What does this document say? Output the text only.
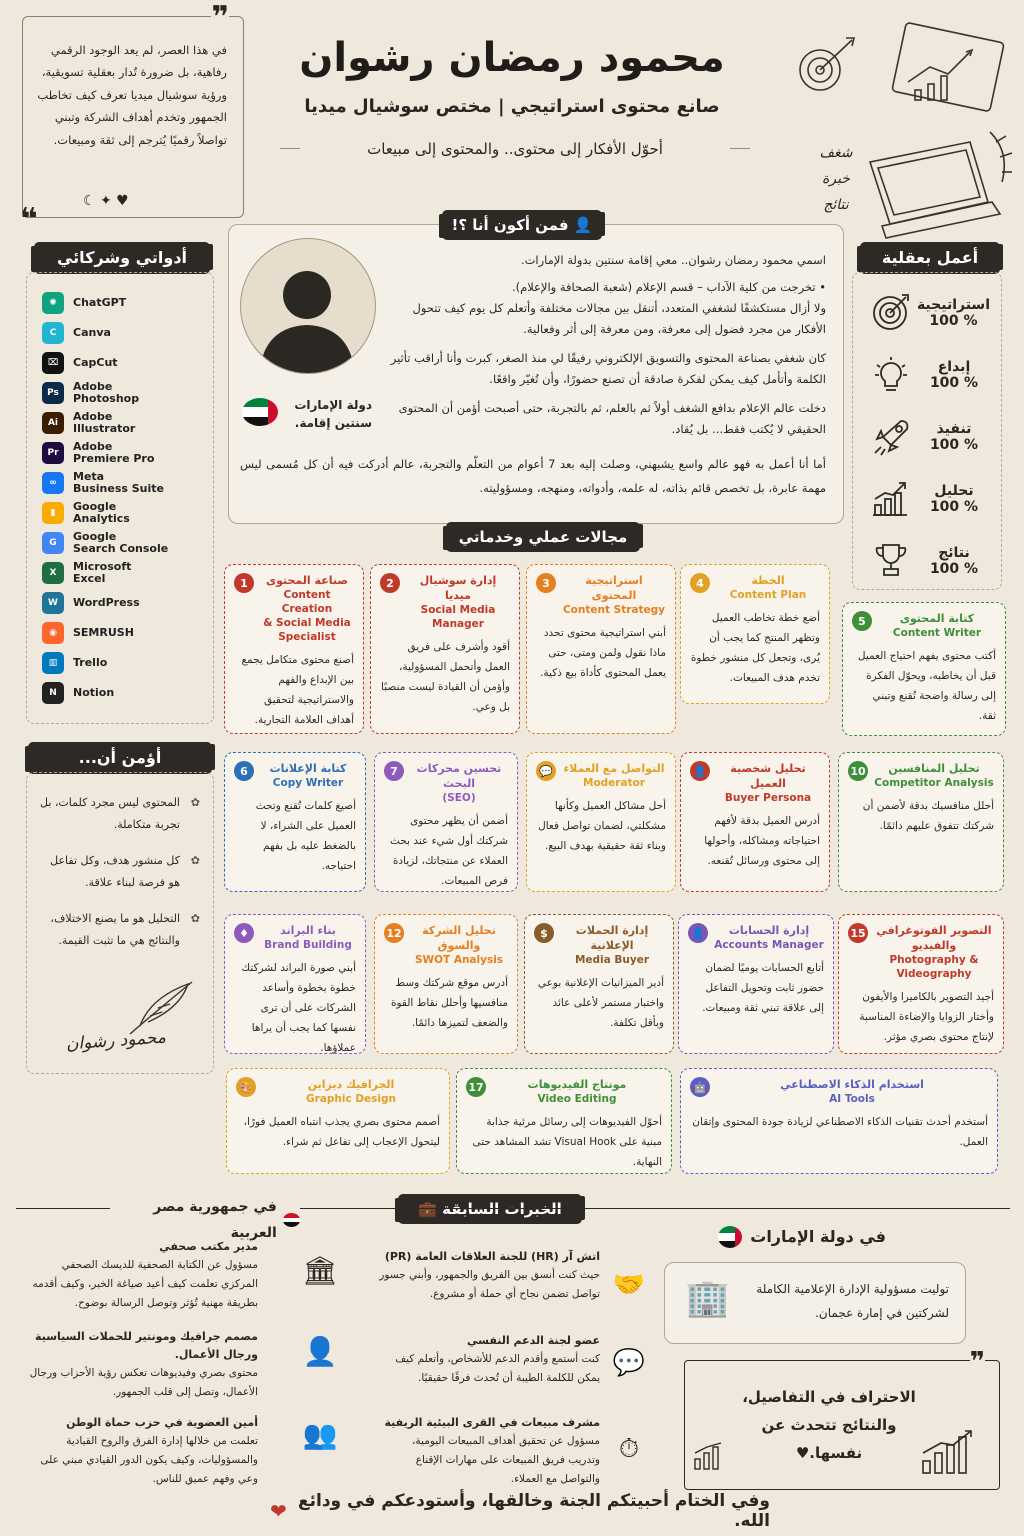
محمود رمضان رشوان
صانع محتوى استراتيجي | مختص سوشيال ميديا
أحوّل الأفكار إلى محتوى.. والمحتوى إلى مبيعات	شغف
خبرة
نتائج
❞
في هذا العصر، لم يعد الوجود الرقمي رفاهية، بل ضرورة تُدار بعقلية تسويقية، ورؤية سوشيال ميديا تعرف كيف تخاطب الجمهور وتخدم أهداف الشركة وتبني تواصلاً رقميًا يُترجم إلى ثقة ومبيعات.
♥ ✦ ☾
❝
أدواتي وشركائي
✺	ChatGPT
C	Canva
⌧	CapCut
Ps	Adobe
Photoshop
Ai	Adobe
Illustrator
Pr	Adobe
Premiere Pro
∞	Meta
Business Suite
▮	Google
Analytics
G	Google
Search Console
X	Microsoft
Excel
W	WordPress
◉	SEMRUSH
▥	Trello
N	Notion
أؤمن أن...
✿ المحتوى ليس مجرد كلمات، بل تجربة متكاملة.
✿ كل منشور هدف، وكل تفاعل هو فرصة لبناء علاقة.
✿ التحليل هو ما يصنع الاختلاف، والنتائج هي ما تثبت القيمة.
محمود رشوان
👤 فمن أكون أنا ؟!
دولة الإمارات
سنتين إقامة.
اسمي محمود رمضان رشوان.. معي إقامة سنتين بدولة الإمارات.
• تخرجت من كلية الآداب – قسم الإعلام (شعبة الصحافة والإعلام).
ولا أزال مستكشفًا لشغفي المتعدد، أتنقل بين مجالات مختلفة وأتعلم كل يوم كيف تتحول الأفكار من مجرد فضول إلى معرفة، ومن معرفة إلى أثر وفعالية.
كان شغفي بصناعة المحتوى والتسويق الإلكتروني رفيقًا لي منذ الصغر، كبرت وأنا أراقب تأثير الكلمة وأتأمل كيف يمكن لفكرة صادقة أن تصنع حضورًا، وأن تُغيّر واقعًا.
دخلت عالم الإعلام بدافع الشغف أولاً ثم بالعلم، ثم بالتجربة، حتى أصبحت أؤمن أن المحتوى الحقيقي لا يُكتب فقط... بل يُقاد.
أما أنا أعمل به فهو عالم واسع يشبهني، وصلت إليه بعد 7 أعوام من التعلّم والتجربة، عالم أدركت فيه أن كل مُسمى ليس مهمة عابرة، بل تخصص قائم بذاته، له علمه، وأدواته، ومنهجه، ومسؤوليته.
أعمل بعقلية
استراتيجية
100 %
إبداع
100 %
تنفيذ
100 %
تحليل
100 %
نتائج
100 %
مجالات عملي وخدماتي
صناعة المحتوى
Content Creation
& Social Media Specialist
1
أصنع محتوى متكامل يجمع بين الإبداع والفهم والاستراتيجية لتحقيق أهداف العلامة التجارية.
إدارة سوشيال ميديا
Social Media Manager
2
أقود وأشرف على فريق العمل وأتحمل المسؤولية، وأؤمن أن القيادة ليست منصبًا بل وعي.
استراتيجية المحتوى
Content Strategy
3
أبني استراتيجية محتوى تحدد ماذا نقول ولمن ومتى، حتى يعمل المحتوى كأداة بيع ذكية.
الخطة
Content Plan
4
أضع خطة تخاطب العميل وتظهر المنتج كما يجب أن يُرى، وتجعل كل منشور خطوة تخدم هدف المبيعات.
كتابة المحتوى
Content Writer
5
أكتب محتوى يفهم احتياج العميل قبل أن يخاطبه، ويحوّل الفكرة إلى رسالة واضحة تُقنع وتبني ثقة.
كتابة الإعلانات
Copy Writer
6
أصيغ كلمات تُقنع وتحث العميل على الشراء، لا بالضغط عليه بل بفهم احتياجه.
تحسين محركات البحث
(SEO)
7
أضمن أن يظهر محتوى شركتك أول شيء عند بحث العملاء عن منتجاتك، لزيادة فرص المبيعات.
التواصل مع العملاء
Moderator
💬
أحل مشاكل العميل وكأنها مشكلتي، لضمان تواصل فعال وبناء ثقة حقيقية بهدف البيع.
تحليل شخصية العميل
Buyer Persona
👤
أدرس العميل بدقة لأفهم احتياجاته ومشاكله، وأحولها إلى محتوى ورسائل تُقنعه.
تحليل المنافسين
Competitor Analysis
10
أحلل منافسيك بدقة لأضمن أن شركتك تتفوق عليهم دائمًا.
بناء البراند
Brand Building
♦
أبني صورة البراند لشركتك خطوة بخطوة وأساعد الشركات على أن ترى نفسها كما يجب أن يراها عملاؤها.
تحليل الشركة والسوق
SWOT Analysis
12
أدرس موقع شركتك وسط منافسيها وأحلل نقاط القوة والضعف لتميزها دائمًا.
إدارة الحملات الإعلانية
Media Buyer
$
أدير الميزانيات الإعلانية بوعي واختبار مستمر لأعلى عائد وبأقل تكلفة.
إدارة الحسابات
Accounts Manager
👤
أتابع الحسابات يوميًا لضمان حضور ثابت وتحويل التفاعل إلى علاقة تبني ثقة ومبيعات.
التصوير الفوتوغرافي والفيديو
Photography & Videography
15
أجيد التصوير بالكاميرا والأيفون وأختار الزوايا والإضاءة المناسبة لإنتاج محتوى بصري مؤثر.
الجرافيك ديزاين
Graphic Design
🎨
أصمم محتوى بصري يجذب انتباه العميل فورًا، ليتحول الإعجاب إلى تفاعل ثم شراء.
مونتاج الفيديوهات
Video Editing
17
أحوّل الفيديوهات إلى رسائل مرئية جذابة مبنية على Visual Hook تشد المشاهد حتى النهاية.
استخدام الذكاء الاصطناعي
AI Tools
🤖
أستخدم أحدث تقنيات الذكاء الاصطناعي لزيادة جودة المحتوى وإتقان العمل.
الخبرات السابقة 💼
في جمهورية مصر العربية
مدير مكتب صحفي

مسؤول عن الكتابة الصحفية للديسك الصحفي المركزي تعلمت كيف أعيد صياغة الخبر، وكيف أقدمه بطريقة مهنية تُؤثر وتوصل الرسالة بوضوح.

مصمم جرافيك ومونتير للحملات السياسية ورجال الأعمال.

محتوى بصري وفيديوهات تعكس رؤية الأحزاب ورجال الأعمال، وتصل إلى قلب الجمهور.

أمين العضوية في حزب حماة الوطن

تعلمت من خلالها إدارة الفرق والروح القيادية والمسؤوليات، وكيف يكون الدور القيادي مبني على وعي وفهم عميق للناس.

🏛
👤
👥
اتش آر (HR) للجنة العلاقات العامة (PR)

حيث كنت أنسق بين الفريق والجمهور، وأبني جسور تواصل تضمن نجاح أي حملة أو مشروع.

عضو لجنة الدعم النفسي

كنت أستمع وأقدم الدعم للأشخاص، وأتعلم كيف يمكن للكلمة الطيبة أن تُحدث فرقًا حقيقيًا.

مشرف مبيعات في القرى البيئية الريفية

مسؤول عن تحقيق أهداف المبيعات اليومية، وتدريب فريق المبيعات على مهارات الإقناع والتواصل مع العملاء.

🤝
💬
⏱
في دولة الإمارات
توليت مسؤولية الإدارة الإعلامية الكاملة لشركتين في إمارة عجمان.
🏢
❞
الاحتراف في التفاصيل،
والنتائج تتحدث عن نفسها.♥
وفي الختام أحبيتكم الجنة وخالقها، وأستودعكم في ودائع الله.
❤
